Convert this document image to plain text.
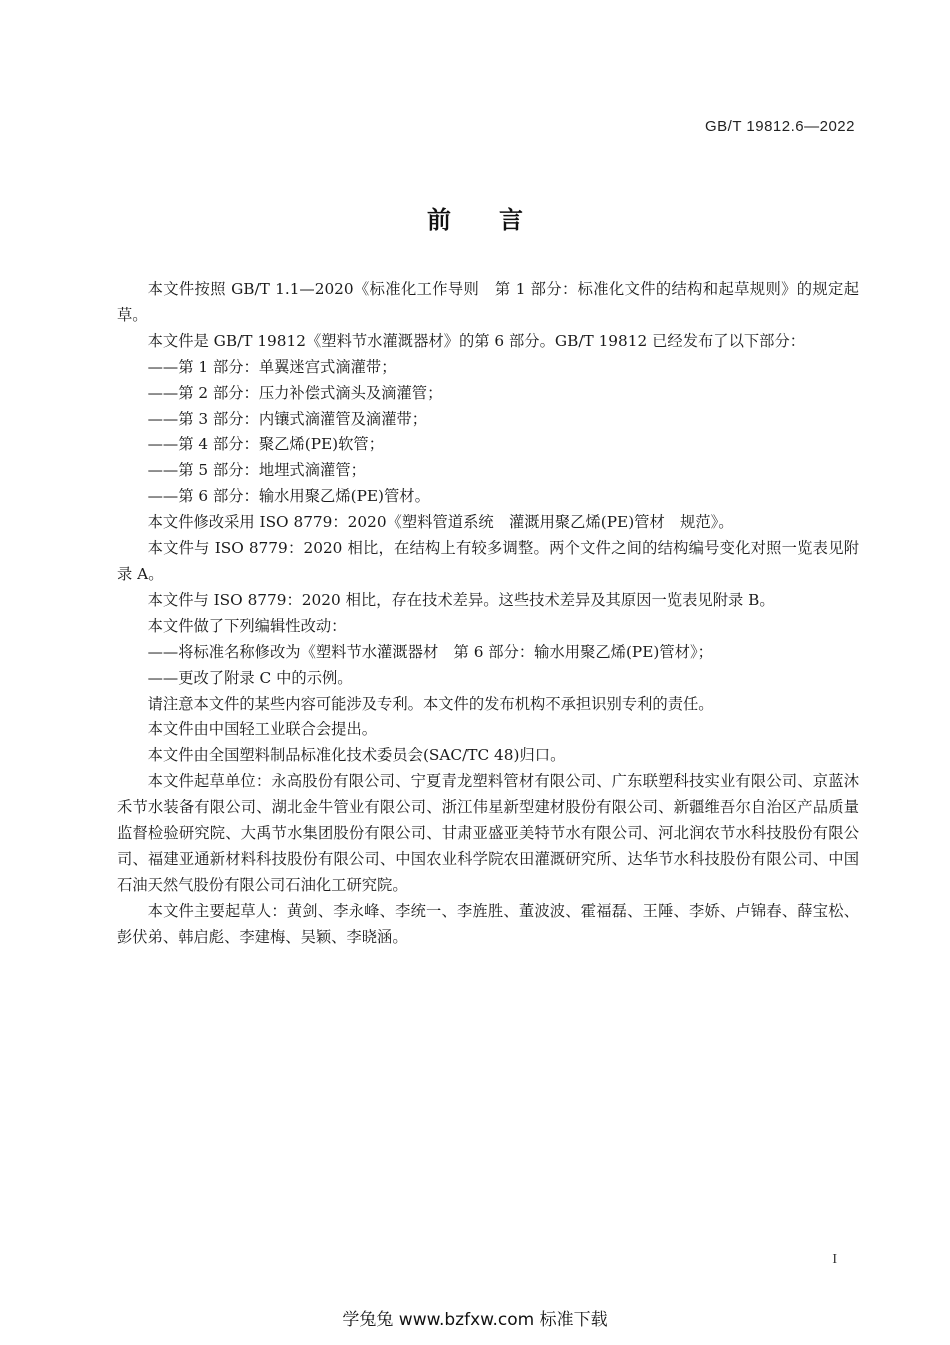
GB/T 19812.6—2022
前言

本文件按照 GB/T 1.1—2020《标准化工作导则　第 1 部分：标准化文件的结构和起草规则》的规定起草。

本文件是 GB/T 19812《塑料节水灌溉器材》的第 6 部分。GB/T 19812 已经发布了以下部分：

——第 1 部分：单翼迷宫式滴灌带；

——第 2 部分：压力补偿式滴头及滴灌管；

——第 3 部分：内镶式滴灌管及滴灌带；

——第 4 部分：聚乙烯(PE)软管；

——第 5 部分：地埋式滴灌管；

——第 6 部分：输水用聚乙烯(PE)管材。

本文件修改采用 ISO 8779：2020《塑料管道系统　灌溉用聚乙烯(PE)管材　规范》。

本文件与 ISO 8779：2020 相比，在结构上有较多调整。两个文件之间的结构编号变化对照一览表见附录 A。

本文件与 ISO 8779：2020 相比，存在技术差异。这些技术差异及其原因一览表见附录 B。

本文件做了下列编辑性改动：

——将标准名称修改为《塑料节水灌溉器材　第 6 部分：输水用聚乙烯(PE)管材》；

——更改了附录 C 中的示例。

请注意本文件的某些内容可能涉及专利。本文件的发布机构不承担识别专利的责任。

本文件由中国轻工业联合会提出。

本文件由全国塑料制品标准化技术委员会(SAC/TC 48)归口。

本文件起草单位：永高股份有限公司、宁夏青龙塑料管材有限公司、广东联塑科技实业有限公司、京蓝沐禾节水装备有限公司、湖北金牛管业有限公司、浙江伟星新型建材股份有限公司、新疆维吾尔自治区产品质量监督检验研究院、大禹节水集团股份有限公司、甘肃亚盛亚美特节水有限公司、河北润农节水科技股份有限公司、福建亚通新材料科技股份有限公司、中国农业科学院农田灌溉研究所、达华节水科技股份有限公司、中国石油天然气股份有限公司石油化工研究院。

本文件主要起草人：黄剑、李永峰、李统一、李旌胜、董波波、霍福磊、王陲、李娇、卢锦春、薛宝松、彭伏弟、韩启彪、李建梅、吴颖、李晓涵。

I
学兔兔 www.bzfxw.com 标准下载
